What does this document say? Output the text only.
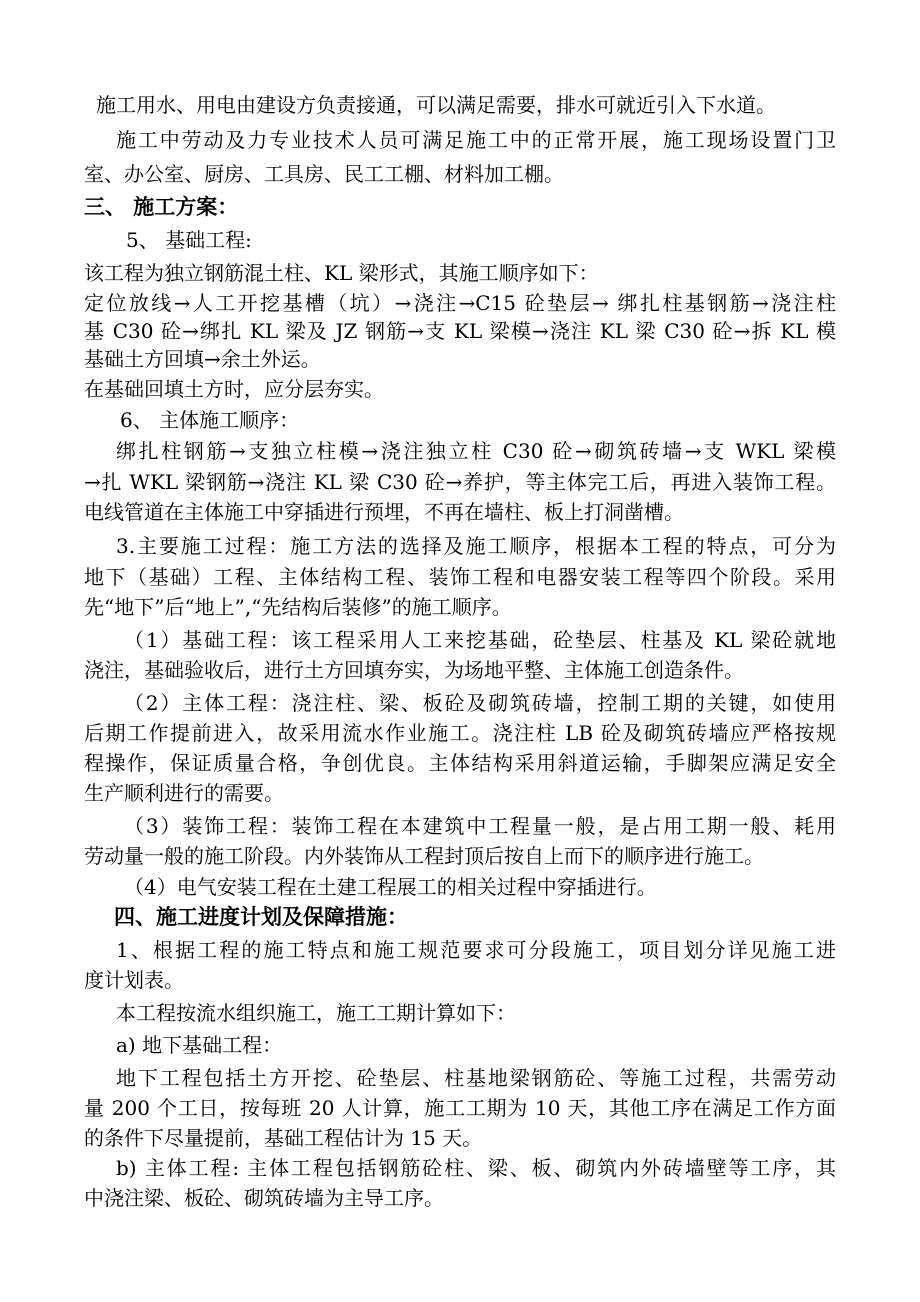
施工用水、用电由建设方负责接通，可以满足需要，排水可就近引入下水道。
施工中劳动及力专业技术人员可满足施工中的正常开展，施工现场设置门卫
室、办公室、厨房、工具房、民工工棚、材料加工棚。
三、 施工方案：
5、 基础工程:
该工程为独立钢筋混土柱、KL 梁形式，其施工顺序如下：
定位放线→人工开挖基槽（坑）→浇注→C15 砼垫层→ 绑扎柱基钢筋→浇注柱
基 C30 砼→绑扎 KL 梁及 JZ 钢筋→支 KL 梁模→浇注 KL 梁 C30 砼→拆 KL 模
基础土方回填→余土外运。
在基础回填土方时，应分层夯实。
6、 主体施工顺序：
绑扎柱钢筋→支独立柱模→浇注独立柱 C30 砼→砌筑砖墙→支 WKL 梁模
→扎 WKL 梁钢筋→浇注 KL 梁 C30 砼→养护，等主体完工后，再进入装饰工程。
电线管道在主体施工中穿插进行预埋，不再在墙柱、板上打洞凿槽。
3.主要施工过程：施工方法的选择及施工顺序，根据本工程的特点，可分为
地下（基础）工程、主体结构工程、装饰工程和电器安装工程等四个阶段。采用
先“地下”后“地上”,“先结构后装修”的施工顺序。
（1）基础工程：该工程采用人工来挖基础，砼垫层、柱基及 KL 梁砼就地
浇注，基础验收后，进行土方回填夯实，为场地平整、主体施工创造条件。
（2）主体工程：浇注柱、梁、板砼及砌筑砖墙，控制工期的关键，如使用
后期工作提前进入，故采用流水作业施工。浇注柱 LB 砼及砌筑砖墙应严格按规
程操作，保证质量合格，争创优良。主体结构采用斜道运输，手脚架应满足安全
生产顺利进行的需要。
（3）装饰工程：装饰工程在本建筑中工程量一般，是占用工期一般、耗用
劳动量一般的施工阶段。内外装饰从工程封顶后按自上而下的顺序进行施工。
（4）电气安装工程在土建工程展工的相关过程中穿插进行。
四、施工进度计划及保障措施：
1、根据工程的施工特点和施工规范要求可分段施工，项目划分详见施工进
度计划表。
本工程按流水组织施工，施工工期计算如下：
a) 地下基础工程：
地下工程包括土方开挖、砼垫层、柱基地梁钢筋砼、等施工过程，共需劳动
量 200 个工日，按每班 20 人计算，施工工期为 10 天，其他工序在满足工作方面
的条件下尽量提前，基础工程估计为 15 天。
b) 主体工程: 主体工程包括钢筋砼柱、梁、板、砌筑内外砖墙壁等工序，其
中浇注梁、板砼、砌筑砖墙为主导工序。
